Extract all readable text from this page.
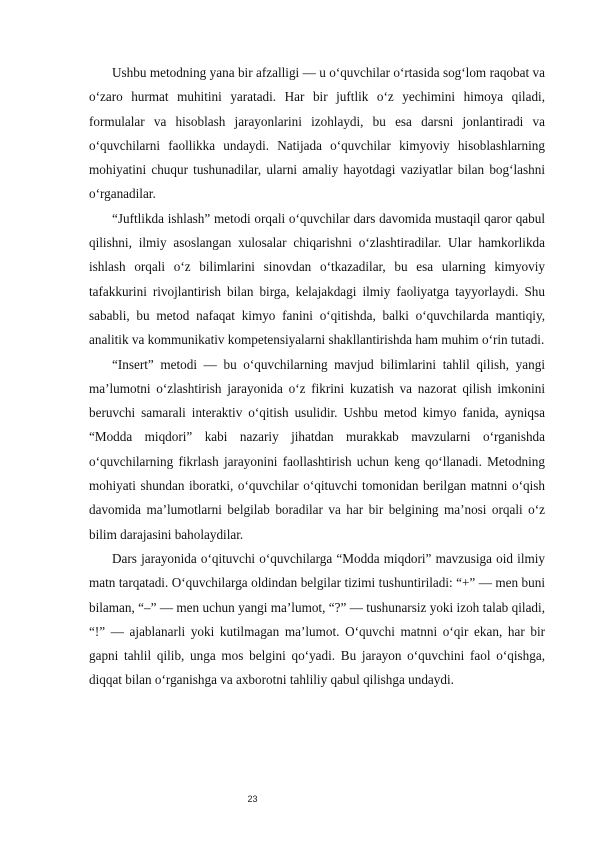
Ushbu metodning yana bir afzalligi — u o‘quvchilar o‘rtasida sog‘lom raqobat va o‘zaro hurmat muhitini yaratadi. Har bir juftlik o‘z yechimini himoya qiladi, formulalar va hisoblash jarayonlarini izohlaydi, bu esa darsni jonlantiradi va o‘quvchilarni faollikka undaydi. Natijada o‘quvchilar kimyoviy hisoblashlarning mohiyatini chuqur tushunadilar, ularni amaliy hayotdagi vaziyatlar bilan bog‘lashni o‘rganadilar.

“Juftlikda ishlash” metodi orqali o‘quvchilar dars davomida mustaqil qaror qabul qilishni, ilmiy asoslangan xulosalar chiqarishni o‘zlashtiradilar. Ular hamkorlikda ishlash orqali o‘z bilimlarini sinovdan o‘tkazadilar, bu esa ularning kimyoviy tafakkurini rivojlantirish bilan birga, kelajakdagi ilmiy faoliyatga tayyorlaydi. Shu sababli, bu metod nafaqat kimyo fanini o‘qitishda, balki o‘quvchilarda mantiqiy, analitik va kommunikativ kompetensiyalarni shakllantirishda ham muhim o‘rin tutadi.

“Insert” metodi — bu o‘quvchilarning mavjud bilimlarini tahlil qilish, yangi ma’lumotni o‘zlashtirish jarayonida o‘z fikrini kuzatish va nazorat qilish imkonini beruvchi samarali interaktiv o‘qitish usulidir. Ushbu metod kimyo fanida, ayniqsa “Modda miqdori” kabi nazariy jihatdan murakkab mavzularni o‘rganishda o‘quvchilarning fikrlash jarayonini faollashtirish uchun keng qo‘llanadi. Metodning mohiyati shundan iboratki, o‘quvchilar o‘qituvchi tomonidan berilgan matnni o‘qish davomida ma’lumotlarni belgilab boradilar va har bir belgining ma’nosi orqali o‘z bilim darajasini baholaydilar.

Dars jarayonida o‘qituvchi o‘quvchilarga “Modda miqdori” mavzusiga oid ilmiy matn tarqatadi. O‘quvchilarga oldindan belgilar tizimi tushuntiriladi: “+” — men buni bilaman, “–” — men uchun yangi ma’lumot, “?” — tushunarsiz yoki izoh talab qiladi, “!” — ajablanarli yoki kutilmagan ma’lumot. O‘quvchi matnni o‘qir ekan, har bir gapni tahlil qilib, unga mos belgini qo‘yadi. Bu jarayon o‘quvchini faol o‘qishga, diqqat bilan o‘rganishga va axborotni tahliliy qabul qilishga undaydi.

23
